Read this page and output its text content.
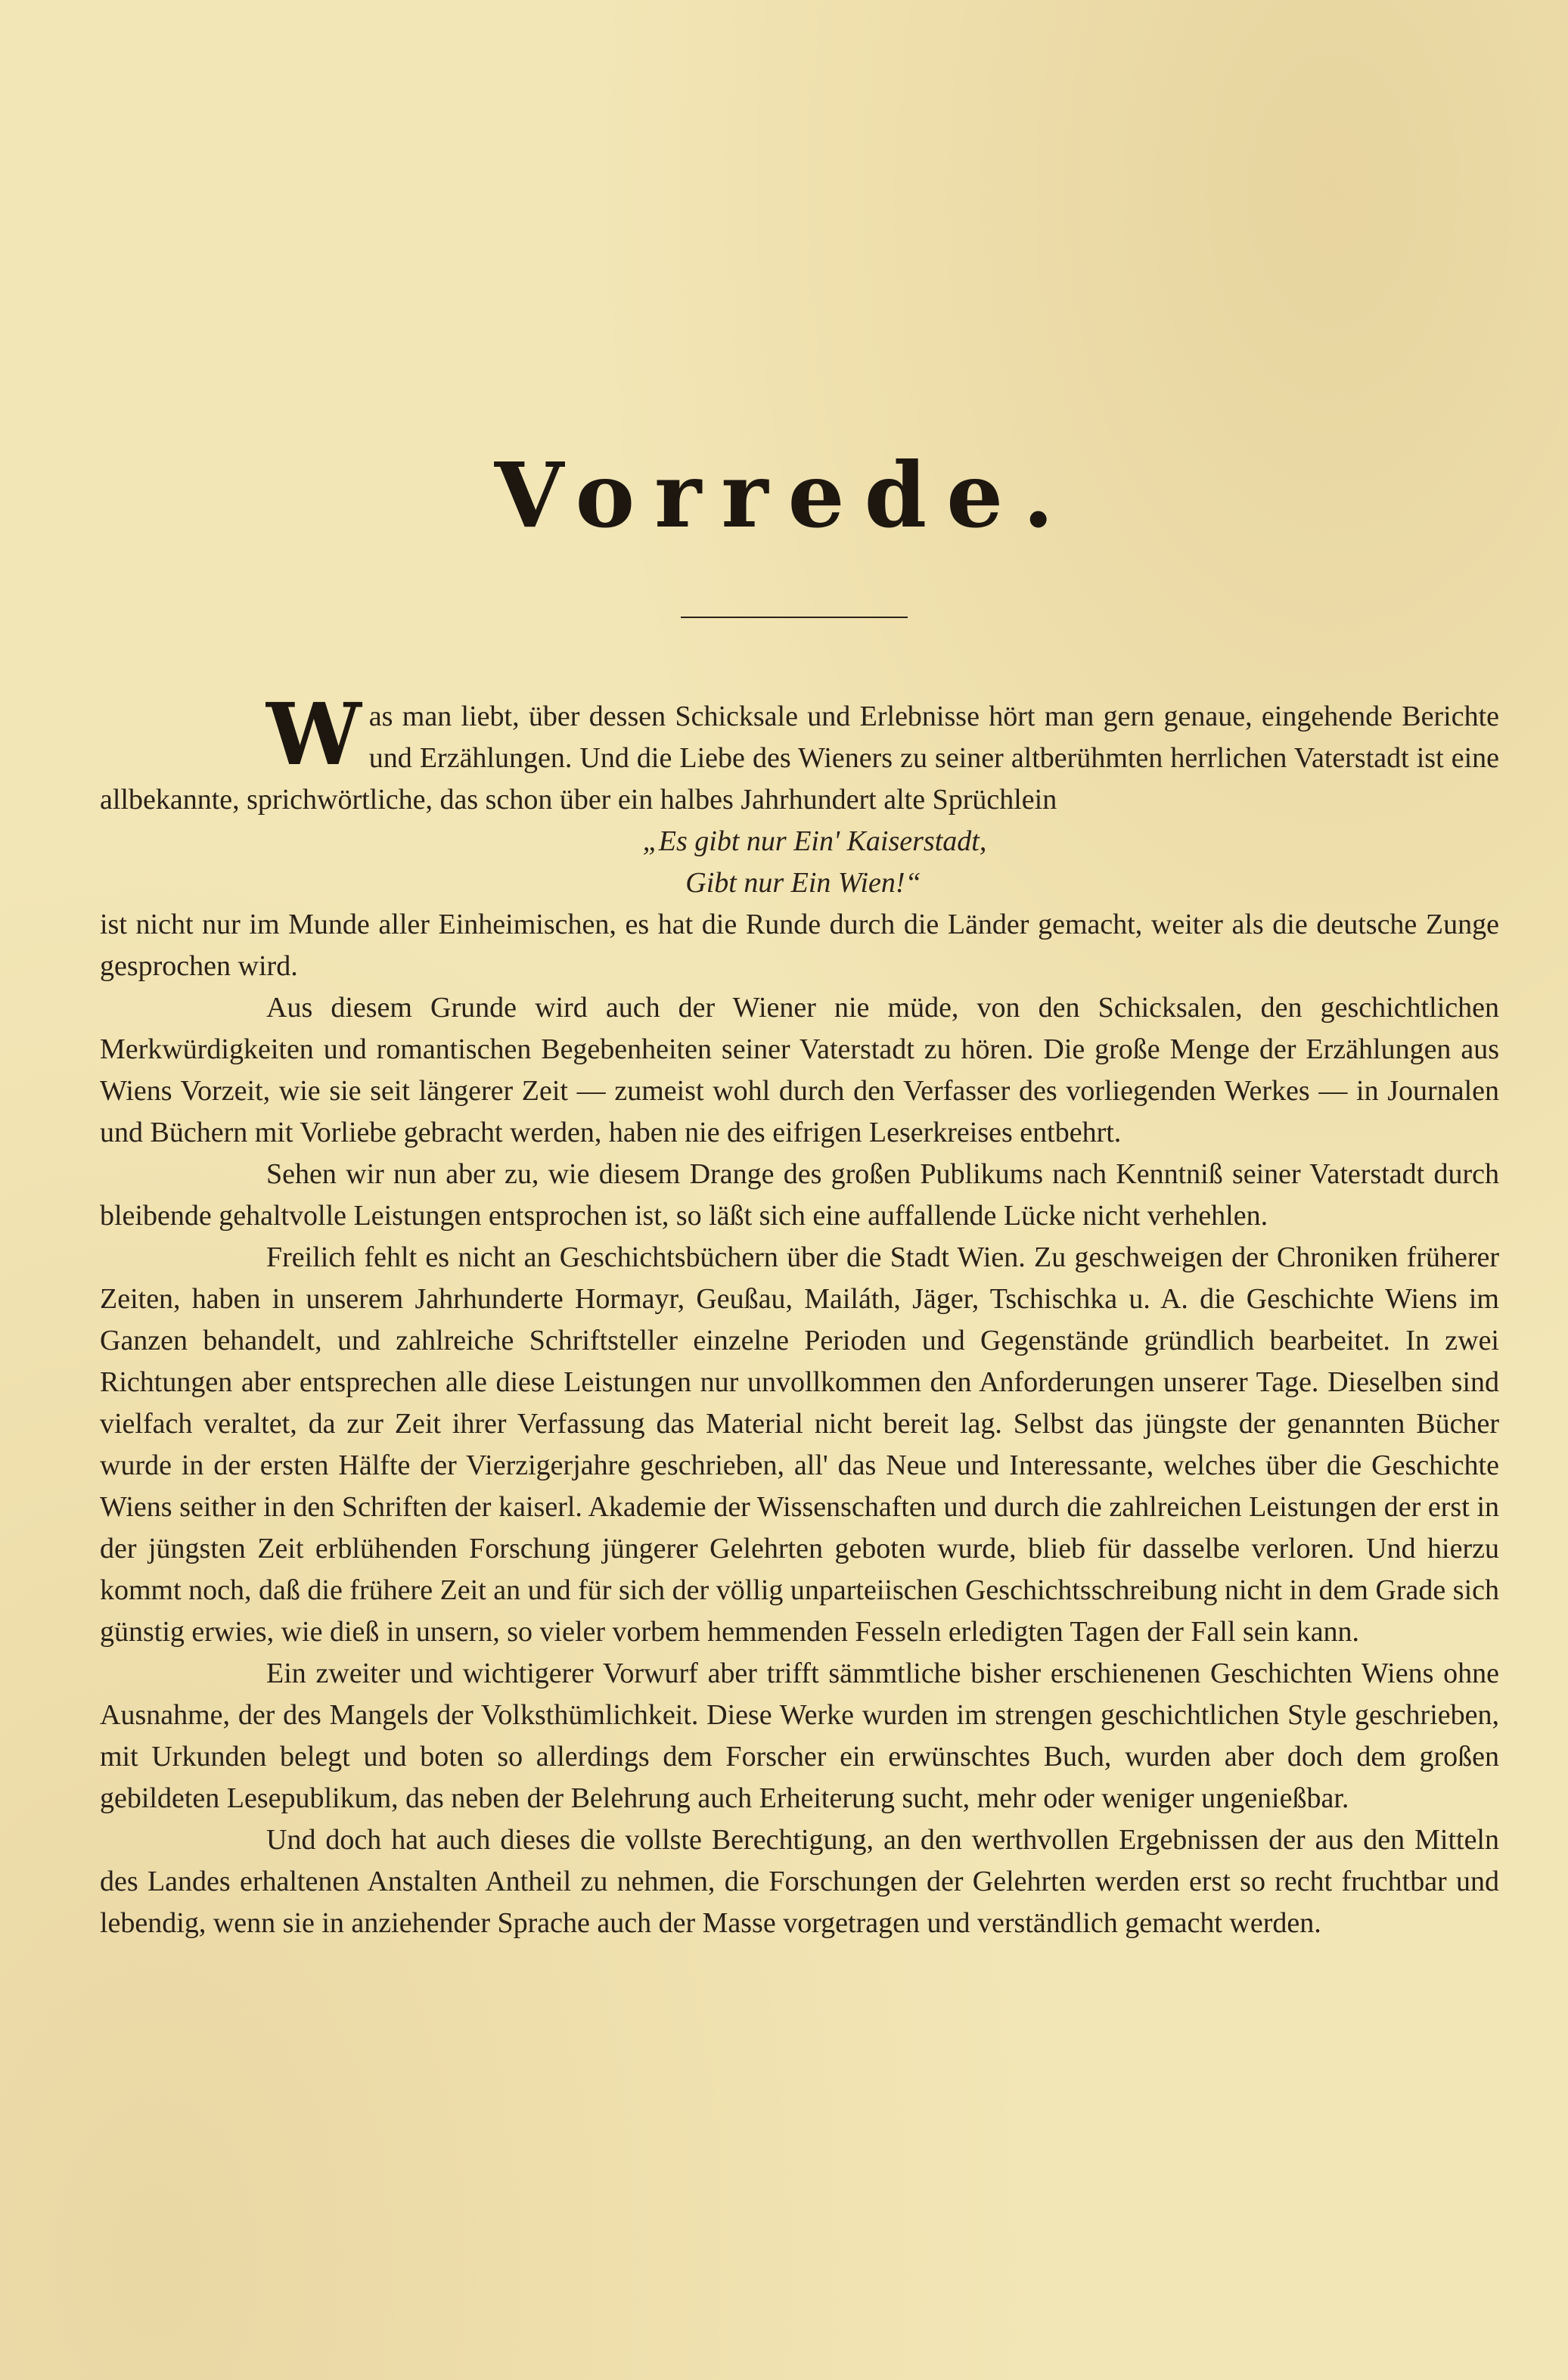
Vorrede.

Was man liebt, über dessen Schicksale und Erlebnisse hört man gern genaue, eingehende Berichte und Erzählungen. Und die Liebe des Wieners zu seiner altberühmten herrlichen Vaterstadt ist eine allbekannte, sprichwörtliche, das schon über ein halbes Jahrhundert alte Sprüchlein

„Es gibt nur Ein' Kaiserstadt,

Gibt nur Ein Wien!“

ist nicht nur im Munde aller Einheimischen, es hat die Runde durch die Länder gemacht, weiter als die deutsche Zunge gesprochen wird.

Aus diesem Grunde wird auch der Wiener nie müde, von den Schicksalen, den geschichtlichen Merkwürdigkeiten und romantischen Begebenheiten seiner Vaterstadt zu hören. Die große Menge der Erzählungen aus Wiens Vorzeit, wie sie seit längerer Zeit — zumeist wohl durch den Verfasser des vorliegenden Werkes — in Journalen und Büchern mit Vorliebe gebracht werden, haben nie des eifrigen Leserkreises entbehrt.

Sehen wir nun aber zu, wie diesem Drange des großen Publikums nach Kenntniß seiner Vaterstadt durch bleibende gehaltvolle Leistungen entsprochen ist, so läßt sich eine auffallende Lücke nicht verhehlen.

Freilich fehlt es nicht an Geschichtsbüchern über die Stadt Wien. Zu geschweigen der Chroniken früherer Zeiten, haben in unserem Jahrhunderte Hormayr, Geußau, Mailáth, Jäger, Tschischka u. A. die Geschichte Wiens im Ganzen behandelt, und zahlreiche Schriftsteller einzelne Perioden und Gegenstände gründlich bearbeitet. In zwei Richtungen aber entsprechen alle diese Leistungen nur unvollkommen den Anforderungen unserer Tage. Dieselben sind vielfach veraltet, da zur Zeit ihrer Verfassung das Material nicht bereit lag. Selbst das jüngste der genannten Bücher wurde in der ersten Hälfte der Vierzigerjahre geschrieben, all' das Neue und Interessante, welches über die Geschichte Wiens seither in den Schriften der kaiserl. Akademie der Wissenschaften und durch die zahlreichen Leistungen der erst in der jüngsten Zeit erblühenden Forschung jüngerer Gelehrten geboten wurde, blieb für dasselbe verloren. Und hierzu kommt noch, daß die frühere Zeit an und für sich der völlig unparteiischen Geschichtsschreibung nicht in dem Grade sich günstig erwies, wie dieß in unsern, so vieler vorbem hemmenden Fesseln erledigten Tagen der Fall sein kann.

Ein zweiter und wichtigerer Vorwurf aber trifft sämmtliche bisher erschienenen Geschichten Wiens ohne Ausnahme, der des Mangels der Volksthümlichkeit. Diese Werke wurden im strengen geschichtlichen Style geschrieben, mit Urkunden belegt und boten so allerdings dem Forscher ein erwünschtes Buch, wurden aber doch dem großen gebildeten Lesepublikum, das neben der Belehrung auch Erheiterung sucht, mehr oder weniger ungenießbar.

Und doch hat auch dieses die vollste Berechtigung, an den werthvollen Ergebnissen der aus den Mitteln des Landes erhaltenen Anstalten Antheil zu nehmen, die Forschungen der Gelehrten werden erst so recht fruchtbar und lebendig, wenn sie in anziehender Sprache auch der Masse vorgetragen und verständlich gemacht werden.
